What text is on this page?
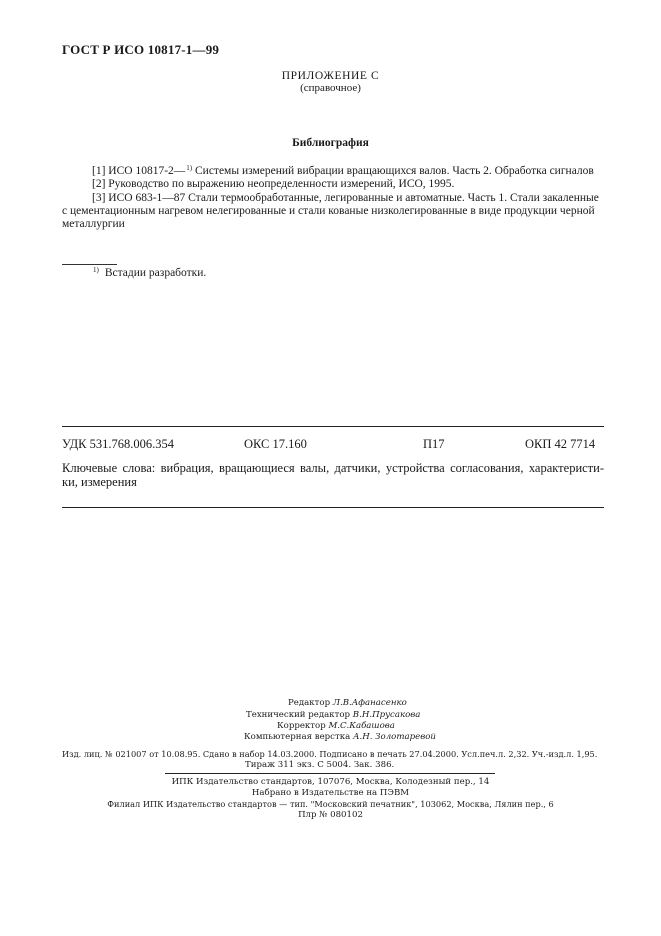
ГОСТ Р ИСО 10817-1—99
ПРИЛОЖЕНИЕ С
(справочное)
Библиография
[1] ИСО 10817-2—$^{1)}$ Системы измерений вибрации вращающихся валов. Часть 2. Обработка сигналов
[2] Руководство по выражению неопределенности измерений, ИСО, 1995.
[3] ИСО 683-1—87 Стали термообработанные, легированные и автоматные. Часть 1. Стали закаленные
с цементационным нагревом нелегированные и стали кованые низколегированные в виде продукции черной
металлургии
$^{1)}$ Встадии разработки.
УДК 531.768.006.354	ОКС 17.160	П17	ОКП 42 7714
Ключевые слова: вибрация, вращающиеся валы, датчики, устройства согласования, характеристи-
ки, измерения
Редактор Л.В.Афанасенко
Технический редактор В.Н.Прусакова
Корректор М.С.Кабашова
Компьютерная верстка А.Н. Золотаревой
Изд. лиц. № 021007 от 10.08.95. Сдано в набор 14.03.2000. Подписано в печать 27.04.2000. Усл.печ.л. 2,32. Уч.-изд.л. 1,95.
Тираж 311 экз. С 5004. Зак. 386.
ИПК Издательство стандартов, 107076, Москва, Колодезный пер., 14
Набрано в Издательстве на ПЭВМ
Филиал ИПК Издательство стандартов — тип. "Московский печатник", 103062, Москва, Лялин пер., 6
Плр № 080102
